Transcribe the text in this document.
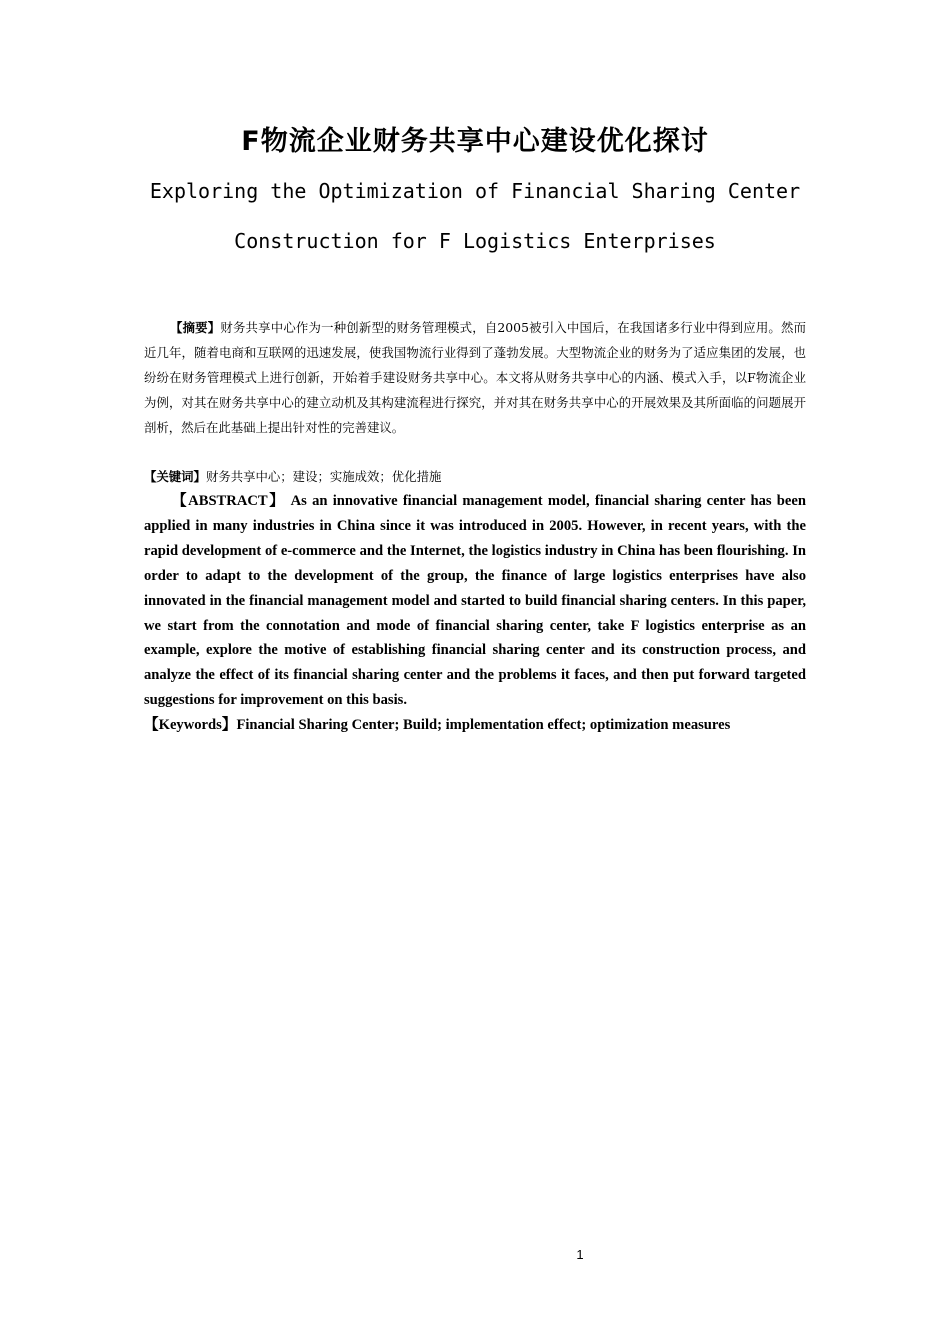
F物流企业财务共享中心建设优化探讨
Exploring the Optimization of Financial Sharing Center
Construction for F Logistics Enterprises
【摘要】财务共享中心作为一种创新型的财务管理模式，自2005被引入中国后，在我国诸多行业中得到应用。然而近几年，随着电商和互联网的迅速发展，使我国物流行业得到了蓬勃发展。大型物流企业的财务为了适应集团的发展，也纷纷在财务管理模式上进行创新，开始着手建设财务共享中心。本文将从财务共享中心的内涵、模式入手，以F物流企业为例，对其在财务共享中心的建立动机及其构建流程进行探究，并对其在财务共享中心的开展效果及其所面临的问题展开剖析，然后在此基础上提出针对性的完善建议。
【关键词】财务共享中心；建设；实施成效；优化措施
【ABSTRACT】 As an innovative financial management model, financial sharing center has been applied in many industries in China since it was introduced in 2005. However, in recent years, with the rapid development of e-commerce and the Internet, the logistics industry in China has been flourishing. In order to adapt to the development of the group, the finance of large logistics enterprises have also innovated in the financial management model and started to build financial sharing centers. In this paper, we start from the connotation and mode of financial sharing center, take F logistics enterprise as an example, explore the motive of establishing financial sharing center and its construction process, and analyze the effect of its financial sharing center and the problems it faces, and then put forward targeted suggestions for improvement on this basis.
【Keywords】Financial Sharing Center; Build; implementation effect; optimization measures
1
